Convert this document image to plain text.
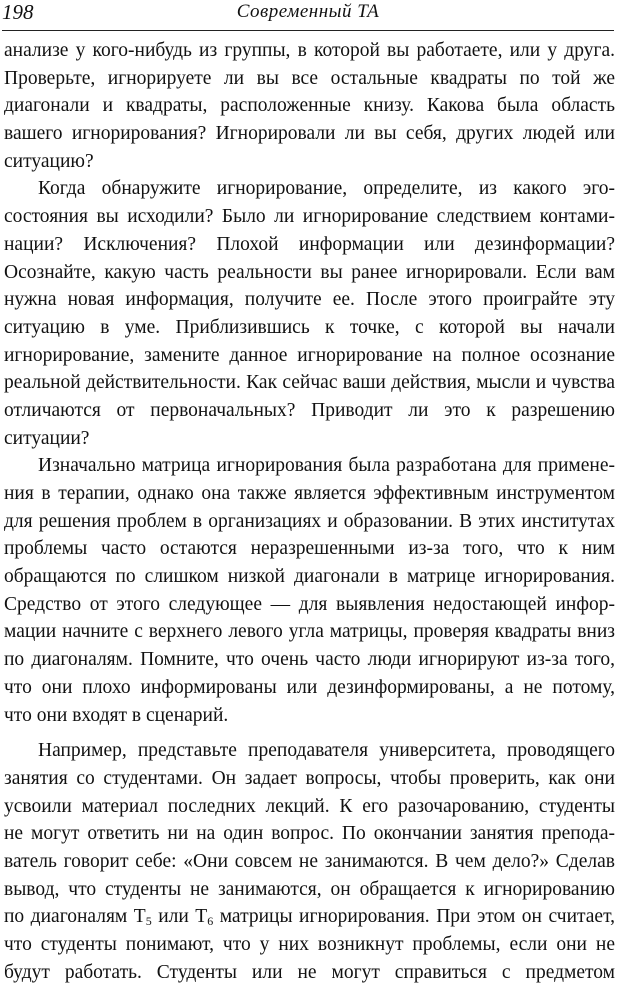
198	Современный ТА
анализе у кого-нибудь из группы, в которой вы работаете, или у друга.
Проверьте, игнорируете ли вы все остальные квадраты по той же
диагонали и квадраты, расположенные книзу. Какова была область
вашего игнорирования? Игнорировали ли вы себя, других людей или
ситуацию?
Когда обнаружите игнорирование, определите, из какого эго-
состояния вы исходили? Было ли игнорирование следствием контами-
нации? Исключения? Плохой информации или дезинформации?
Осознайте, какую часть реальности вы ранее игнорировали. Если вам
нужна новая информация, получите ее. После этого проиграйте эту
ситуацию в уме. Приблизившись к точке, с которой вы начали
игнорирование, замените данное игнорирование на полное осознание
реальной действительности. Как сейчас ваши действия, мысли и чувства
отличаются от первоначальных? Приводит ли это к разрешению
ситуации?
Изначально матрица игнорирования была разработана для примене-
ния в терапии, однако она также является эффективным инструментом
для решения проблем в организациях и образовании. В этих институтах
проблемы часто остаются неразрешенными из-за того, что к ним
обращаются по слишком низкой диагонали в матрице игнорирования.
Средство от этого следующее — для выявления недостающей инфор-
мации начните с верхнего левого угла матрицы, проверяя квадраты вниз
по диагоналям. Помните, что очень часто люди игнорируют из-за того,
что они плохо информированы или дезинформированы, а не потому,
что они входят в сценарий.
Например, представьте преподавателя университета, проводящего
занятия со студентами. Он задает вопросы, чтобы проверить, как они
усвоили материал последних лекций. К его разочарованию, студенты
не могут ответить ни на один вопрос. По окончании занятия препода-
ватель говорит себе: «Они совсем не занимаются. В чем дело?» Сделав
вывод, что студенты не занимаются, он обращается к игнорированию
по диагоналям $Т_5$ или $Т_6$ матрицы игнорирования. При этом он считает,
что студенты понимают, что у них возникнут проблемы, если они не
будут работать. Студенты или не могут справиться с предметом
